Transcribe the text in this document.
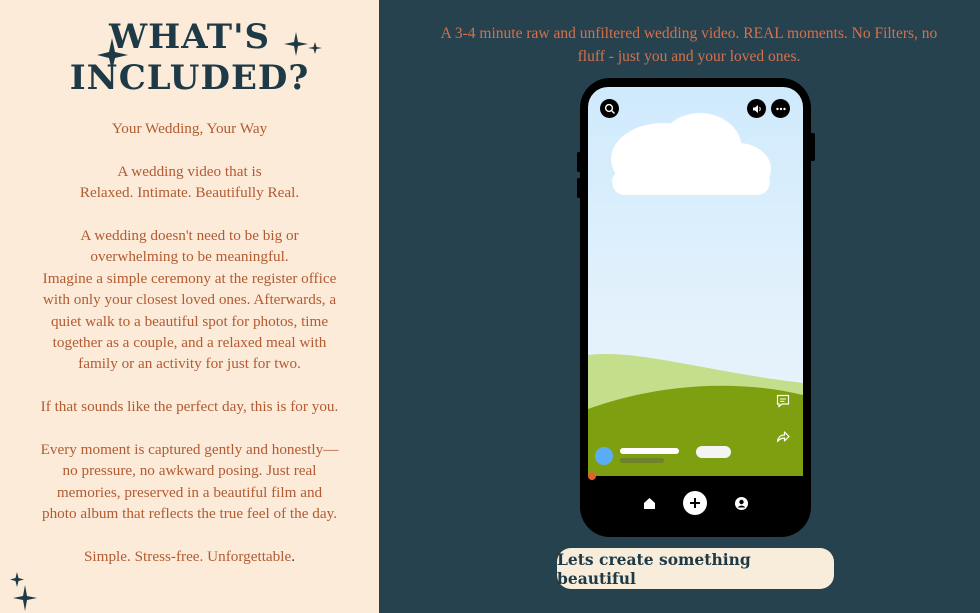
WHAT'S
INCLUDED?

Your Wedding, Your Way

A wedding video that is
Relaxed. Intimate. Beautifully Real.

A wedding doesn't need to be big or
overwhelming to be meaningful.
Imagine a simple ceremony at the register office
with only your closest loved ones. Afterwards, a
quiet walk to a beautiful spot for photos, time
together as a couple, and a relaxed meal with
family or an activity for just for two.

If that sounds like the perfect day, this is for you.

Every moment is captured gently and honestly—
no pressure, no awkward posing. Just real
memories, preserved in a beautiful film and
photo album that reflects the true feel of the day.

Simple. Stress-free. Unforgettable.

A 3-4 minute raw and unfiltered wedding video. REAL moments. No Filters, no fluff - just you and your loved ones.

Lets create something beautiful
